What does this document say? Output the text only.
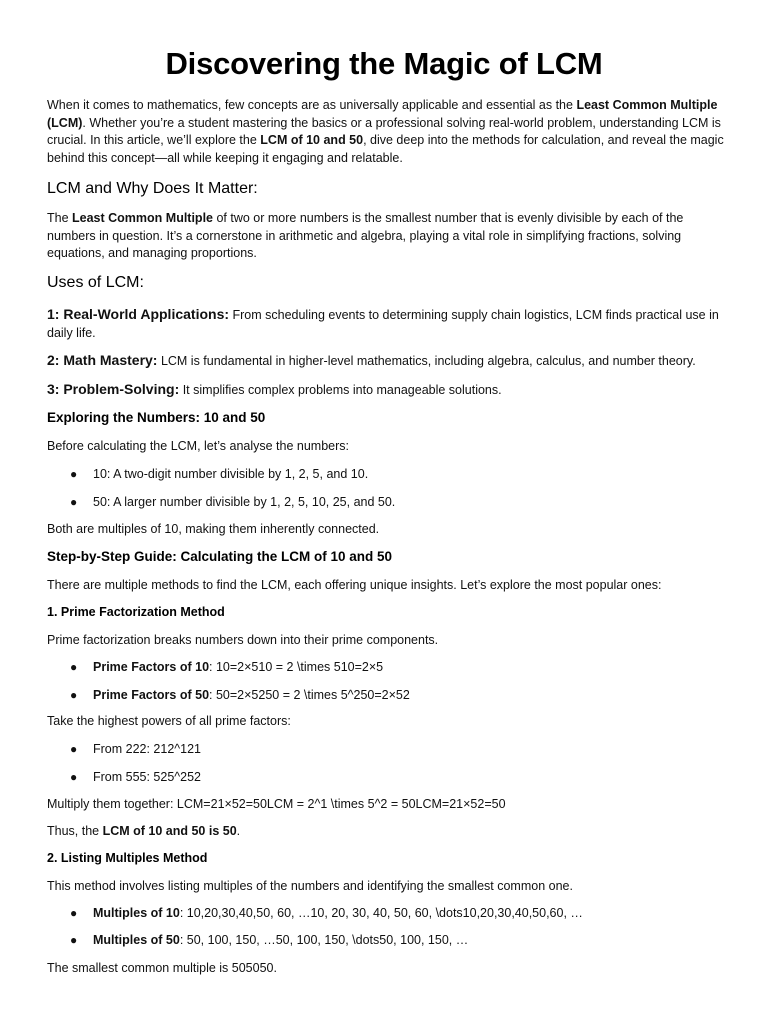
Discovering the Magic of LCM

When it comes to mathematics, few concepts are as universally applicable and essential as the Least Common Multiple (LCM). Whether you’re a student mastering the basics or a professional solving real-world problem, understanding LCM is crucial. In this article, we’ll explore the LCM of 10 and 50, dive deep into the methods for calculation, and reveal the magic behind this concept—all while keeping it engaging and relatable.

LCM and Why Does It Matter:

The Least Common Multiple of two or more numbers is the smallest number that is evenly divisible by each of the numbers in question. It’s a cornerstone in arithmetic and algebra, playing a vital role in simplifying fractions, solving equations, and managing proportions.

Uses of LCM:

1: Real-World Applications: From scheduling events to determining supply chain logistics, LCM finds practical use in daily life.

2: Math Mastery: LCM is fundamental in higher-level mathematics, including algebra, calculus, and number theory.

3: Problem-Solving: It simplifies complex problems into manageable solutions.

Exploring the Numbers: 10 and 50

Before calculating the LCM, let’s analyse the numbers:

● 10: A two-digit number divisible by 1, 2, 5, and 10.

● 50: A larger number divisible by 1, 2, 5, 10, 25, and 50.

Both are multiples of 10, making them inherently connected.

Step-by-Step Guide: Calculating the LCM of 10 and 50

There are multiple methods to find the LCM, each offering unique insights. Let’s explore the most popular ones:

1. Prime Factorization Method

Prime factorization breaks numbers down into their prime components.

● Prime Factors of 10: 10=2×510 = 2 \times 510=2×5

● Prime Factors of 50: 50=2×5250 = 2 \times 5^250=2×52

Take the highest powers of all prime factors:

● From 222: 212^121

● From 555: 525^252

Multiply them together: LCM=21×52=50LCM = 2^1 \times 5^2 = 50LCM=21×52=50

Thus, the LCM of 10 and 50 is 50.

2. Listing Multiples Method

This method involves listing multiples of the numbers and identifying the smallest common one.

● Multiples of 10: 10,20,30,40,50, 60, …10, 20, 30, 40, 50, 60, \dots10,20,30,40,50,60, …

● Multiples of 50: 50, 100, 150, …50, 100, 150, \dots50, 100, 150, …

The smallest common multiple is 505050.
